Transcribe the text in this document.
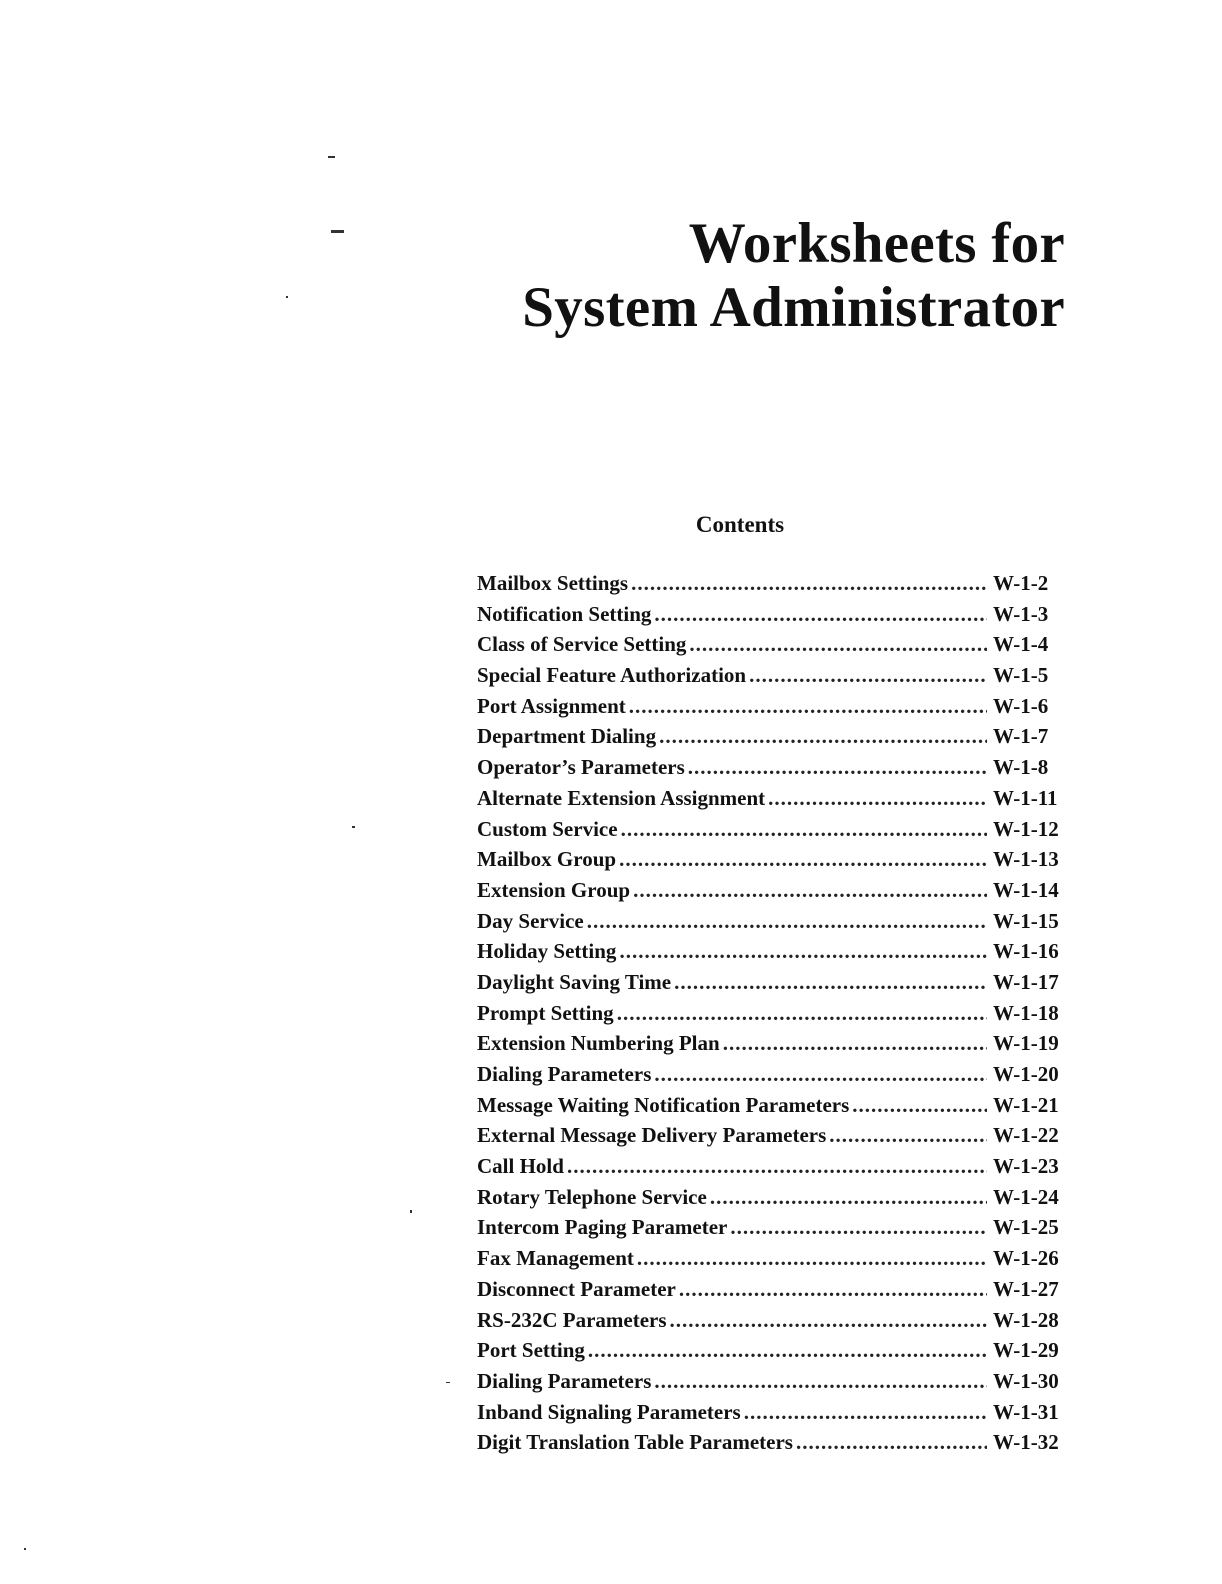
Worksheets for
System Administrator
Contents
Mailbox Settings .....	W-1-2
Notification Setting .....	W-1-3
Class of Service Setting .....	W-1-4
Special Feature Authorization .....	W-1-5
Port Assignment .....	W-1-6
Department Dialing .....	W-1-7
Operator’s Parameters .....	W-1-8
Alternate Extension Assignment .....	W-1-11
Custom Service .....	W-1-12
Mailbox Group .....	W-1-13
Extension Group .....	W-1-14
Day Service .....	W-1-15
Holiday Setting .....	W-1-16
Daylight Saving Time .....	W-1-17
Prompt Setting .....	W-1-18
Extension Numbering Plan .....	W-1-19
Dialing Parameters .....	W-1-20
Message Waiting Notification Parameters .....	W-1-21
External Message Delivery Parameters .....	W-1-22
Call Hold .....	W-1-23
Rotary Telephone Service .....	W-1-24
Intercom Paging Parameter .....	W-1-25
Fax Management .....	W-1-26
Disconnect Parameter .....	W-1-27
RS-232C Parameters .....	W-1-28
Port Setting .....	W-1-29
Dialing Parameters .....	W-1-30
Inband Signaling Parameters .....	W-1-31
Digit Translation Table Parameters .....	W-1-32
